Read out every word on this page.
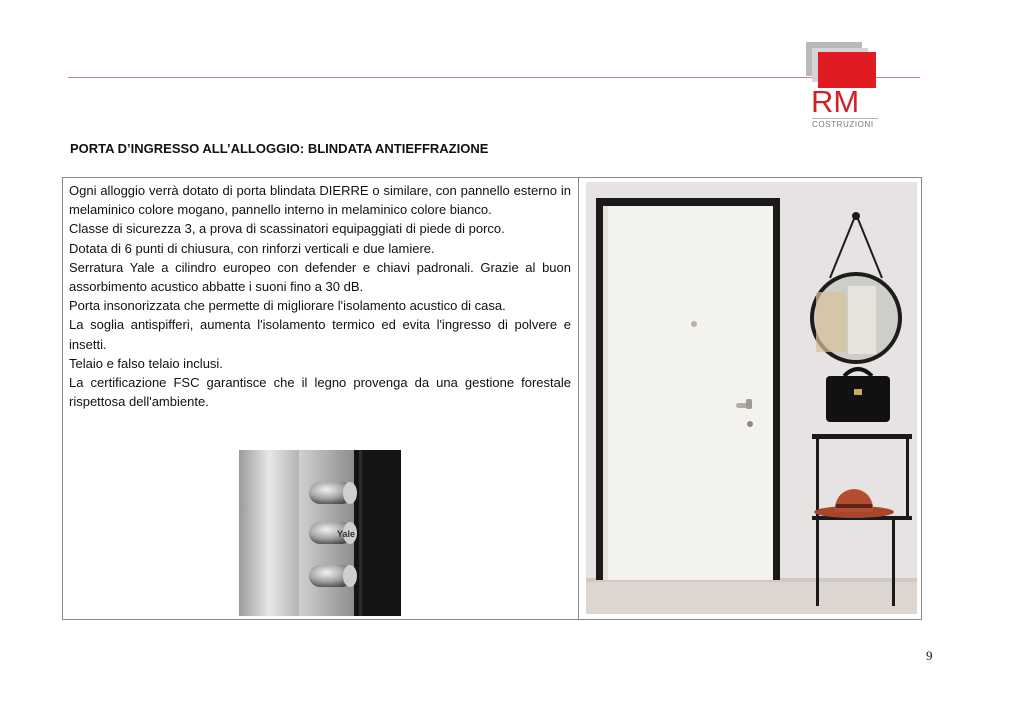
RM
COSTRUZIONI
PORTA D’INGRESSO ALL’ALLOGGIO: BLINDATA ANTIEFFRAZIONE

Ogni alloggio verrà dotato di porta blindata DIERRE o similare, con pannello esterno in melaminico colore mogano, pannello interno in melaminico colore bianco.

Classe di sicurezza 3, a prova di scassinatori equipaggiati di piede di porco.

Dotata di 6 punti di chiusura, con rinforzi verticali e due lamiere.

Serratura Yale a cilindro europeo con defender e chiavi padronali. Grazie al buon assorbimento acustico abbatte i suoni fino a 30 dB.

Porta insonorizzata che permette di migliorare l'isolamento acustico di casa.

La soglia antispifferi, aumenta l'isolamento termico ed evita l'ingresso di polvere e insetti.

Telaio e falso telaio inclusi.

La certificazione FSC garantisce che il legno provenga da una gestione forestale rispettosa dell'ambiente.

Yale
9
